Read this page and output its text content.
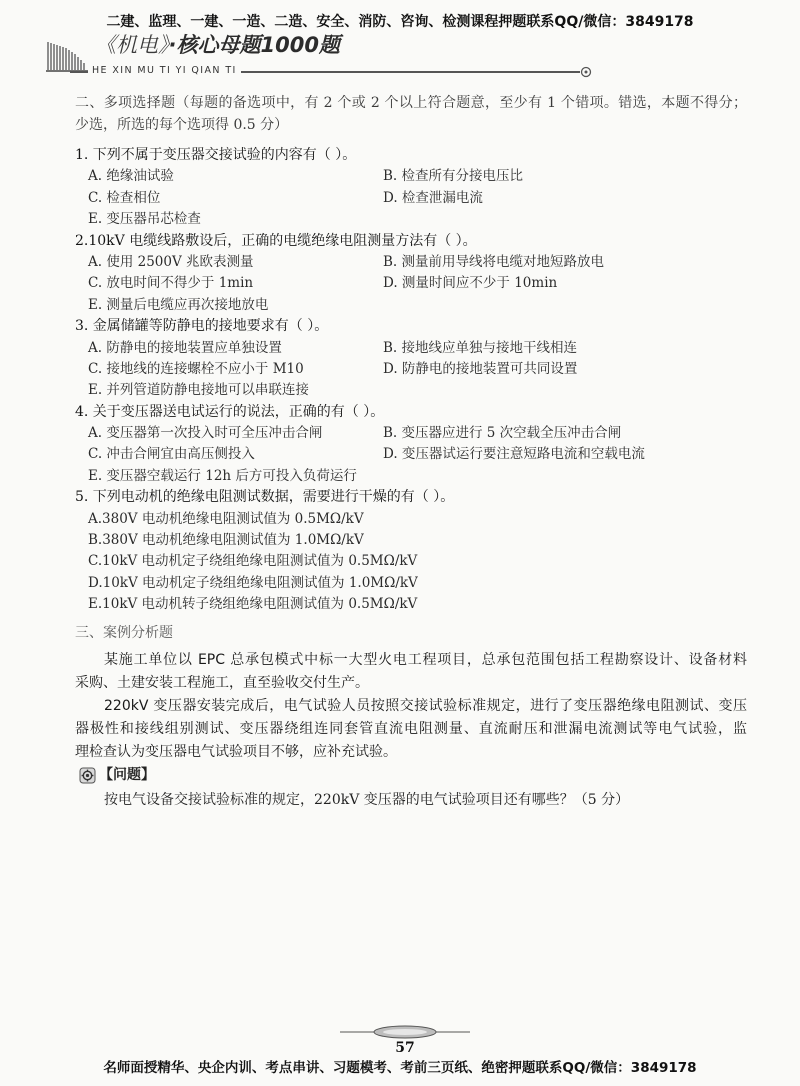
二建、监理、一建、一造、二造、安全、消防、咨询、检测课程押题联系QQ/微信：3849178
《机电》·核心母题1000题
HE XIN MU TI YI QIAN TI
二、多项选择题（每题的备选项中，有 2 个或 2 个以上符合题意，至少有 1 个错项。错选，本题不得分；
少选，所选的每个选项得 0.5 分）
1. 下列不属于变压器交接试验的内容有（ ）。
A. 绝缘油试验	B. 检查所有分接电压比
C. 检查相位	D. 检查泄漏电流
E. 变压器吊芯检查
2.10kV 电缆线路敷设后，正确的电缆绝缘电阻测量方法有（ ）。
A. 使用 2500V 兆欧表测量	B. 测量前用导线将电缆对地短路放电
C. 放电时间不得少于 1min	D. 测量时间应不少于 10min
E. 测量后电缆应再次接地放电
3. 金属储罐等防静电的接地要求有（ ）。
A. 防静电的接地装置应单独设置	B. 接地线应单独与接地干线相连
C. 接地线的连接螺栓不应小于 M10	D. 防静电的接地装置可共同设置
E. 并列管道防静电接地可以串联连接
4. 关于变压器送电试运行的说法，正确的有（ ）。
A. 变压器第一次投入时可全压冲击合闸	B. 变压器应进行 5 次空载全压冲击合闸
C. 冲击合闸宜由高压侧投入	D. 变压器试运行要注意短路电流和空载电流
E. 变压器空载运行 12h 后方可投入负荷运行
5. 下列电动机的绝缘电阻测试数据，需要进行干燥的有（ ）。
A.380V 电动机绝缘电阻测试值为 0.5MΩ/kV
B.380V 电动机绝缘电阻测试值为 1.0MΩ/kV
C.10kV 电动机定子绕组绝缘电阻测试值为 0.5MΩ/kV
D.10kV 电动机定子绕组绝缘电阻测试值为 1.0MΩ/kV
E.10kV 电动机转子绕组绝缘电阻测试值为 0.5MΩ/kV
三、案例分析题
某施工单位以 EPC 总承包模式中标一大型火电工程项目，总承包范围包括工程勘察设计、设备材料
采购、土建安装工程施工，直至验收交付生产。
220kV 变压器安装完成后，电气试验人员按照交接试验标准规定，进行了变压器绝缘电阻测试、变压
器极性和接线组别测试、变压器绕组连同套管直流电阻测量、直流耐压和泄漏电流测试等电气试验，监
理检查认为变压器电气试验项目不够，应补充试验。
【问题】
按电气设备交接试验标准的规定，220kV 变压器的电气试验项目还有哪些？（5 分）
57
名师面授精华、央企内训、考点串讲、习题模考、考前三页纸、绝密押题联系QQ/微信：3849178
